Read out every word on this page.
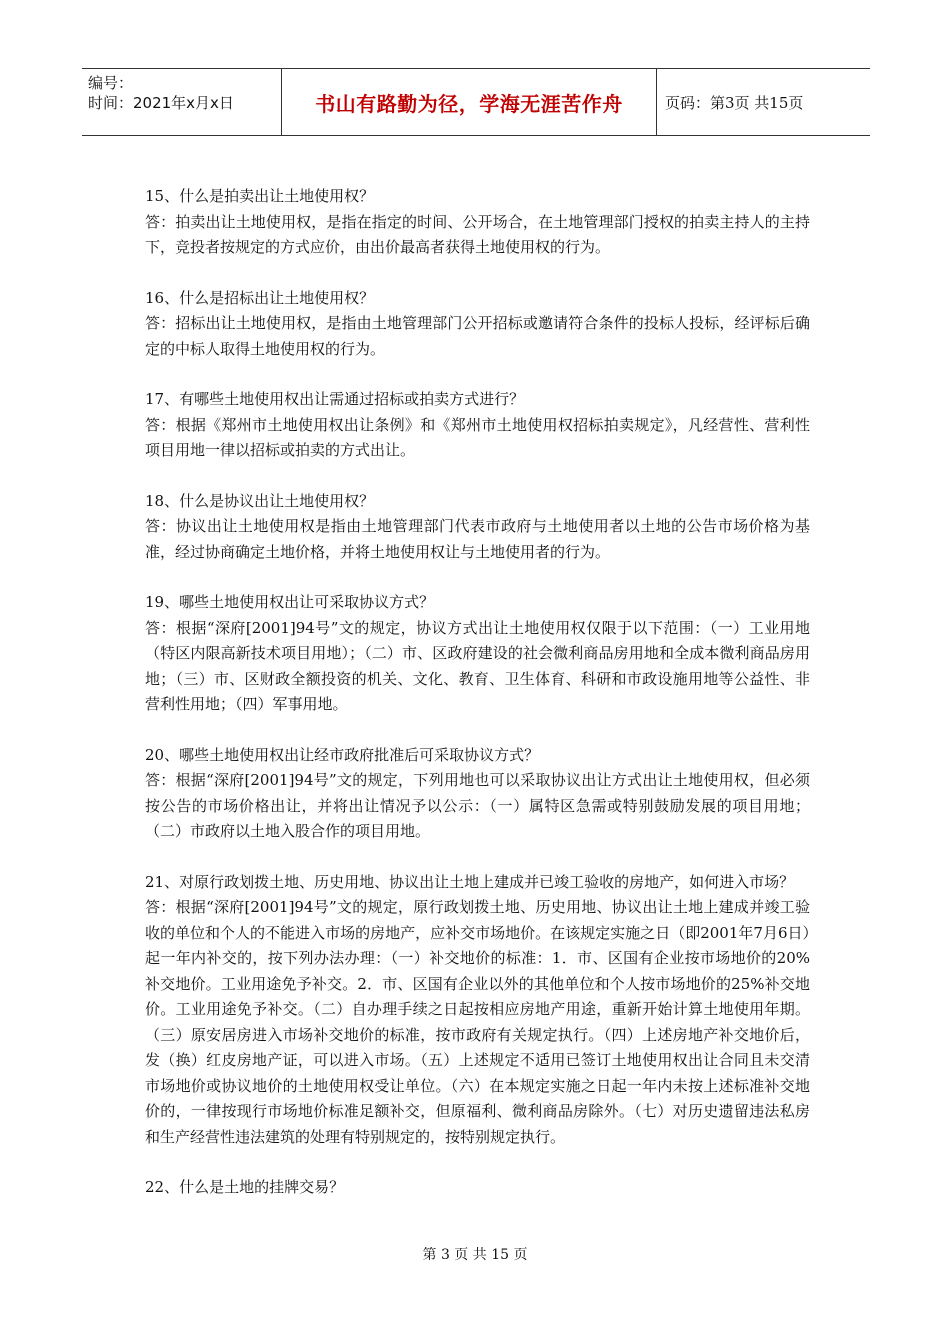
编号：
时间：2021年x月x日	书山有路勤为径，学海无涯苦作舟	页码：第3页 共15页

15、什么是拍卖出让土地使用权？

答：拍卖出让土地使用权，是指在指定的时间、公开场合，在土地管理部门授权的拍卖主持人的主持下，竞投者按规定的方式应价，由出价最高者获得土地使用权的行为。

16、什么是招标出让土地使用权？

答：招标出让土地使用权，是指由土地管理部门公开招标或邀请符合条件的投标人投标，经评标后确定的中标人取得土地使用权的行为。

17、有哪些土地使用权出让需通过招标或拍卖方式进行？

答：根据《郑州市土地使用权出让条例》和《郑州市土地使用权招标拍卖规定》，凡经营性、营利性项目用地一律以招标或拍卖的方式出让。

18、什么是协议出让土地使用权？

答：协议出让土地使用权是指由土地管理部门代表市政府与土地使用者以土地的公告市场价格为基准，经过协商确定土地价格，并将土地使用权让与土地使用者的行为。

19、哪些土地使用权出让可采取协议方式？

答：根据“深府[2001]94号”文的规定，协议方式出让土地使用权仅限于以下范围：（一）工业用地（特区内限高新技术项目用地）；（二）市、区政府建设的社会微利商品房用地和全成本微利商品房用地；（三）市、区财政全额投资的机关、文化、教育、卫生体育、科研和市政设施用地等公益性、非营利性用地；（四）军事用地。

20、哪些土地使用权出让经市政府批准后可采取协议方式？

答：根据“深府[2001]94号”文的规定，下列用地也可以采取协议出让方式出让土地使用权，但必须按公告的市场价格出让，并将出让情况予以公示：（一）属特区急需或特别鼓励发展的项目用地；（二）市政府以土地入股合作的项目用地。

21、对原行政划拨土地、历史用地、协议出让土地上建成并已竣工验收的房地产，如何进入市场？

答：根据“深府[2001]94号”文的规定，原行政划拨土地、历史用地、协议出让土地上建成并竣工验收的单位和个人的不能进入市场的房地产，应补交市场地价。在该规定实施之日（即2001年7月6日）起一年内补交的，按下列办法办理：（一）补交地价的标准：1．市、区国有企业按市场地价的20%补交地价。工业用途免予补交。2．市、区国有企业以外的其他单位和个人按市场地价的25%补交地价。工业用途免予补交。（二）自办理手续之日起按相应房地产用途，重新开始计算土地使用年期。（三）原安居房进入市场补交地价的标准，按市政府有关规定执行。（四）上述房地产补交地价后，发（换）红皮房地产证，可以进入市场。（五）上述规定不适用已签订土地使用权出让合同且未交清市场地价或协议地价的土地使用权受让单位。（六）在本规定实施之日起一年内未按上述标准补交地价的，一律按现行市场地价标准足额补交，但原福利、微利商品房除外。（七）对历史遗留违法私房和生产经营性违法建筑的处理有特别规定的，按特别规定执行。

22、什么是土地的挂牌交易？

第 3 页 共 15 页
